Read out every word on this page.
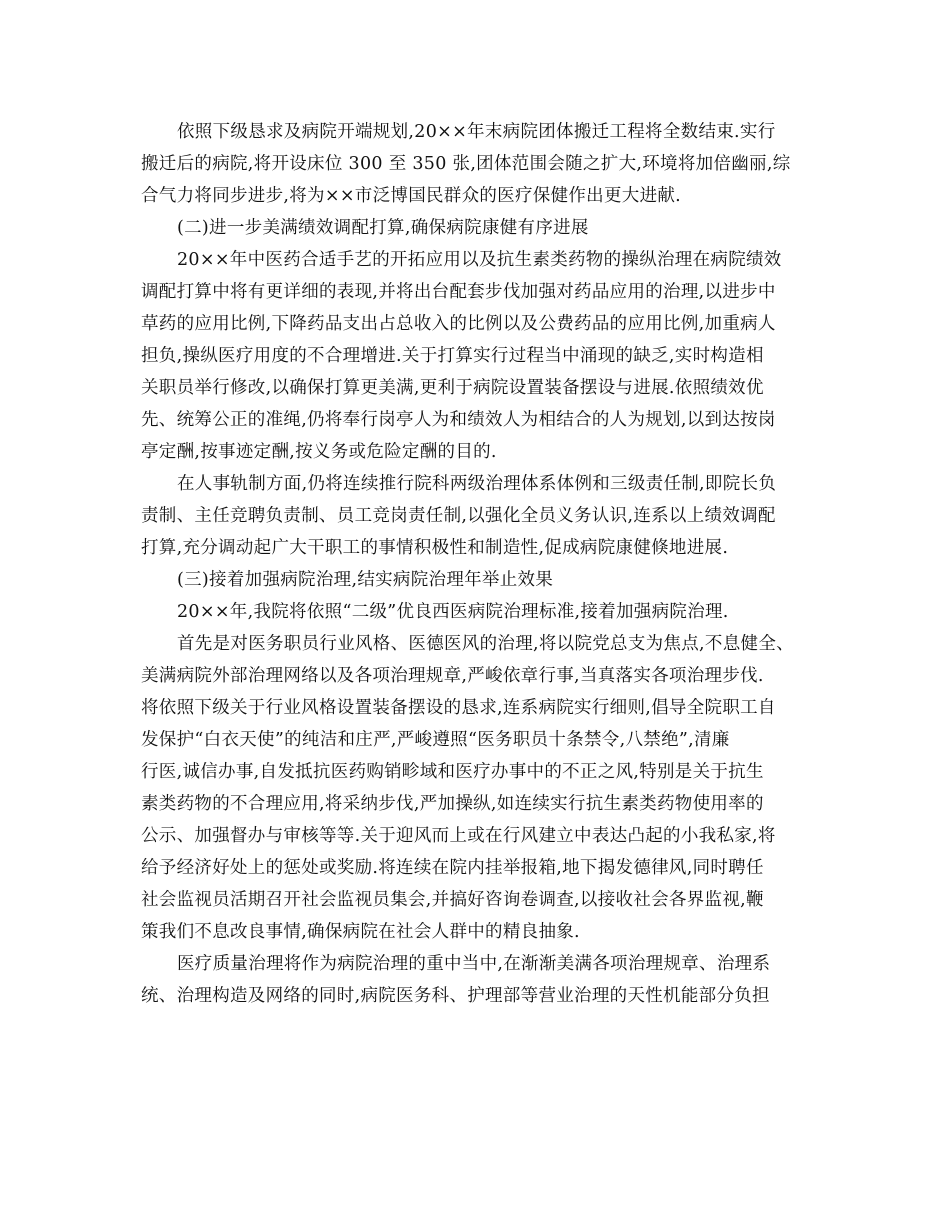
依照下级恳求及病院开端规划,20××年末病院团体搬迁工程将全数结束.实行
搬迁后的病院,将开设床位 300 至 350 张,团体范围会随之扩大,环境将加倍幽丽,综
合气力将同步进步,将为××市泛博国民群众的医疗保健作出更大进献.
(二)进一步美满绩效调配打算,确保病院康健有序进展
20××年中医药合适手艺的开拓应用以及抗生素类药物的操纵治理在病院绩效
调配打算中将有更详细的表现,并将出台配套步伐加强对药品应用的治理,以进步中
草药的应用比例,下降药品支出占总收入的比例以及公费药品的应用比例,加重病人
担负,操纵医疗用度的不合理增进.关于打算实行过程当中涌现的缺乏,实时构造相
关职员举行修改,以确保打算更美满,更利于病院设置装备摆设与进展.依照绩效优
先、统筹公正的准绳,仍将奉行岗亭人为和绩效人为相结合的人为规划,以到达按岗
亭定酬,按事迹定酬,按义务或危险定酬的目的.
在人事轨制方面,仍将连续推行院科两级治理体系体例和三级责任制,即院长负
责制、主任竞聘负责制、员工竞岗责任制,以强化全员义务认识,连系以上绩效调配
打算,充分调动起广大干职工的事情积极性和制造性,促成病院康健倏地进展.
(三)接着加强病院治理,结实病院治理年举止效果
20××年,我院将依照“二级”优良西医病院治理标准,接着加强病院治理.
首先是对医务职员行业风格、医德医风的治理,将以院党总支为焦点,不息健全、
美满病院外部治理网络以及各项治理规章,严峻依章行事,当真落实各项治理步伐.
将依照下级关于行业风格设置装备摆设的恳求,连系病院实行细则,倡导全院职工自
发保护“白衣天使”的纯洁和庄严,严峻遵照“医务职员十条禁令,八禁绝”,清廉
行医,诚信办事,自发抵抗医药购销畛域和医疗办事中的不正之风,特别是关于抗生
素类药物的不合理应用,将采纳步伐,严加操纵,如连续实行抗生素类药物使用率的
公示、加强督办与审核等等.关于迎风而上或在行风建立中表达凸起的小我私家,将
给予经济好处上的惩处或奖励.将连续在院内挂举报箱,地下揭发德律风,同时聘任
社会监视员活期召开社会监视员集会,并搞好咨询卷调查,以接收社会各界监视,鞭
策我们不息改良事情,确保病院在社会人群中的精良抽象.
医疗质量治理将作为病院治理的重中当中,在渐渐美满各项治理规章、治理系
统、治理构造及网络的同时,病院医务科、护理部等营业治理的天性机能部分负担
